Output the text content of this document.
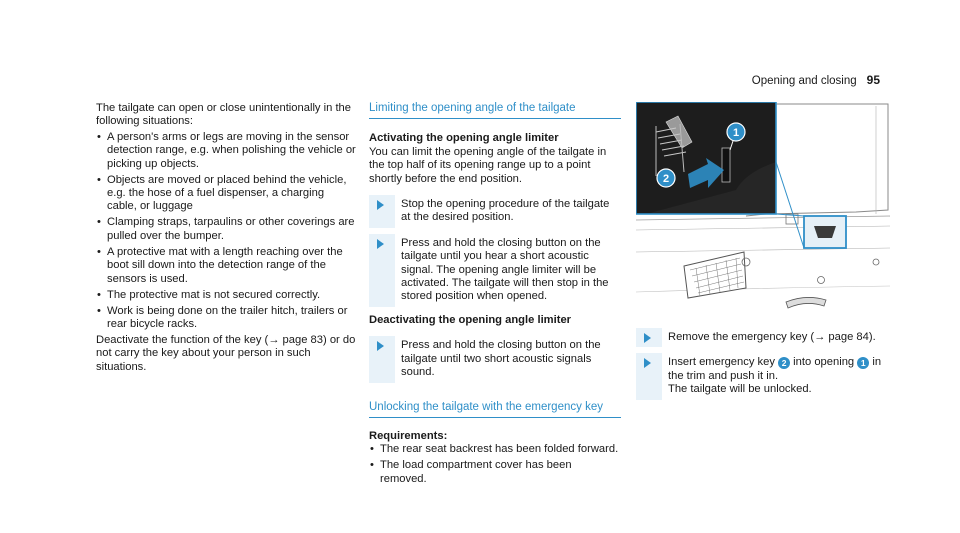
Opening and closing 95

The tailgate can open or close unintentionally in the following situations:

• A person's arms or legs are moving in the sensor detection range, e.g. when polishing the vehicle or picking up objects.
• Objects are moved or placed behind the vehicle, e.g. the hose of a fuel dispenser, a charging cable, or luggage
• Clamping straps, tarpaulins or other coverings are pulled over the bumper.
• A protective mat with a length reaching over the boot sill down into the detection range of the sensors is used.
• The protective mat is not secured correctly.
• Work is being done on the trailer hitch, trailers or rear bicycle racks.

Deactivate the function of the key (→ page 83) or do not carry the key about your person in such situations.

Limiting the opening angle of the tailgate
Activating the opening angle limiter

You can limit the opening angle of the tailgate in the top half of its opening range up to a point shortly before the end position.

Stop the opening procedure of the tailgate at the desired position.

Press and hold the closing button on the tailgate until you hear a short acoustic signal. The opening angle limiter will be activated. The tailgate will then stop in the stored position when opened.

Deactivating the opening angle limiter

Press and hold the closing button on the tailgate until two short acoustic signals sound.

Unlocking the tailgate with the emergency key
Requirements:
• The rear seat backrest has been folded forward.
• The load compartment cover has been removed.
1
2

Remove the emergency key (→ page 84).

Insert emergency key 2 into opening 1 in the trim and push it in.
The tailgate will be unlocked.
